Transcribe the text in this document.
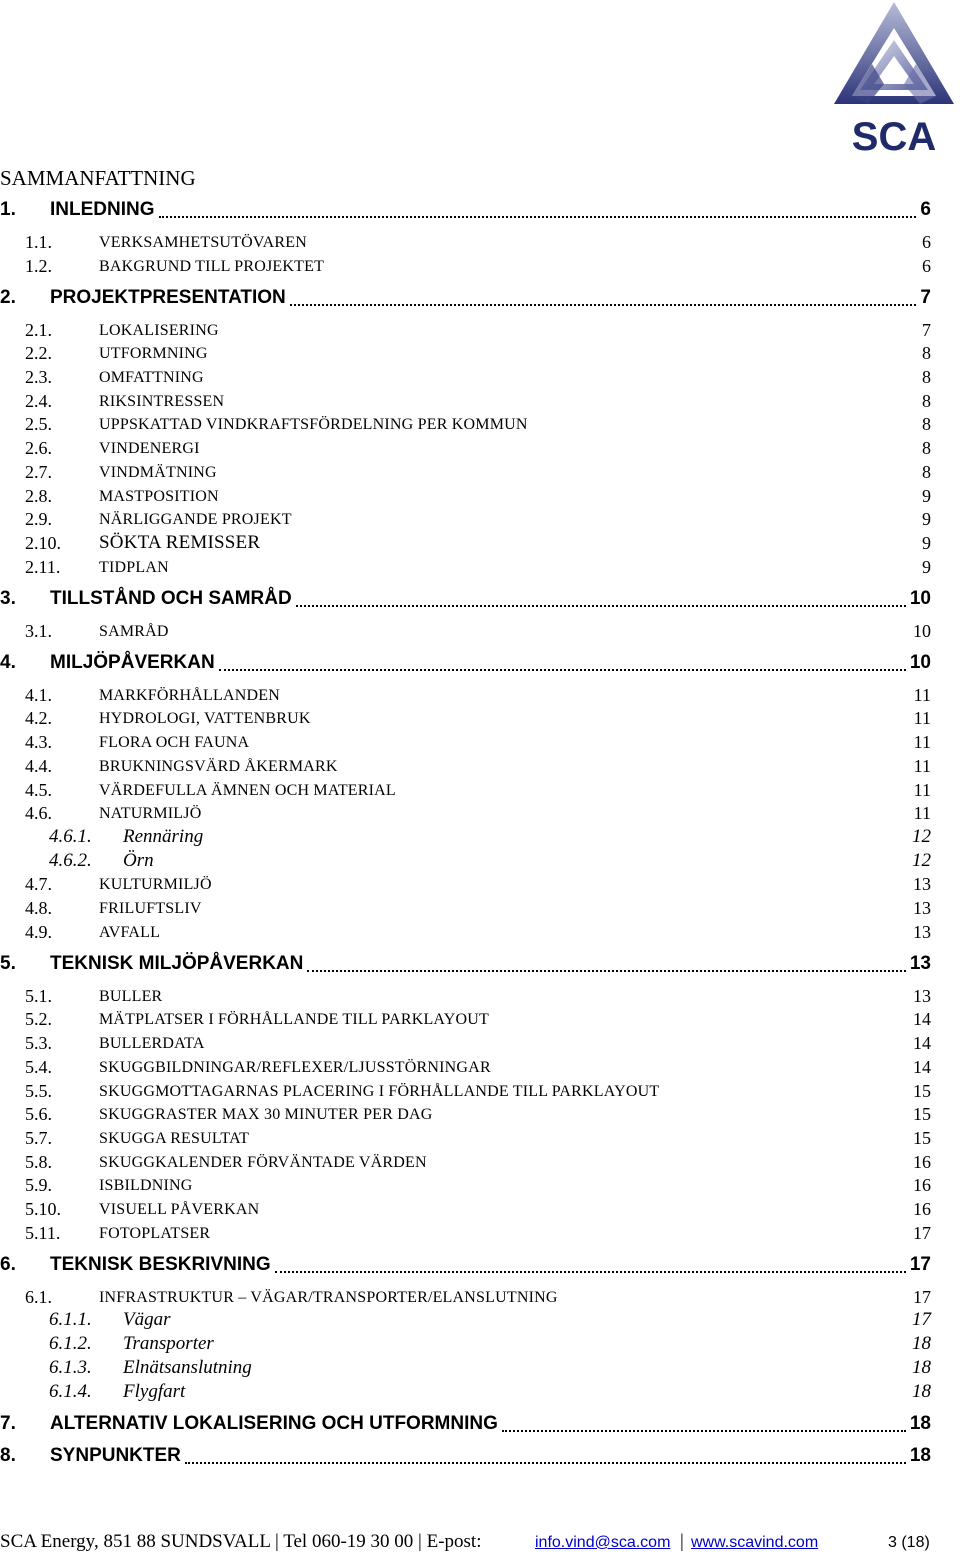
SCA
SAMMANFATTNING
1. INLEDNING	6
1.1.	VERKSAMHETSUTÖVAREN	6
1.2.	BAKGRUND TILL PROJEKTET	6
2. PROJEKTPRESENTATION	7
2.1.	LOKALISERING	7
2.2.	UTFORMNING	8
2.3.	OMFATTNING	8
2.4.	RIKSINTRESSEN	8
2.5.	UPPSKATTAD VINDKRAFTSFÖRDELNING PER KOMMUN	8
2.6.	VINDENERGI	8
2.7.	VINDMÄTNING	8
2.8.	MASTPOSITION	9
2.9.	NÄRLIGGANDE PROJEKT	9
2.10. SÖKTA REMISSER	9
2.11. TIDPLAN	9
3. TILLSTÅND OCH SAMRÅD	10
3.1.	SAMRÅD	10
4. MILJÖPÅVERKAN	10
4.1.	MARKFÖRHÅLLANDEN	11
4.2.	HYDROLOGI, VATTENBRUK	11
4.3.	FLORA OCH FAUNA	11
4.4.	BRUKNINGSVÄRD ÅKERMARK	11
4.5.	VÄRDEFULLA ÄMNEN OCH MATERIAL	11
4.6.	NATURMILJÖ	11
4.6.1. Rennäring	12
4.6.2. Örn	12
4.7.	KULTURMILJÖ	13
4.8.	FRILUFTSLIV	13
4.9.	AVFALL	13
5. TEKNISK MILJÖPÅVERKAN	13
5.1.	BULLER	13
5.2.	MÄTPLATSER I FÖRHÅLLANDE TILL PARKLAYOUT	14
5.3.	BULLERDATA	14
5.4.	SKUGGBILDNINGAR/REFLEXER/LJUSSTÖRNINGAR	14
5.5.	SKUGGMOTTAGARNAS PLACERING I FÖRHÅLLANDE TILL PARKLAYOUT	15
5.6.	SKUGGRASTER MAX 30 MINUTER PER DAG	15
5.7.	SKUGGA RESULTAT	15
5.8.	SKUGGKALENDER FÖRVÄNTADE VÄRDEN	16
5.9.	ISBILDNING	16
5.10. VISUELL PÅVERKAN	16
5.11. FOTOPLATSER	17
6. TEKNISK BESKRIVNING	17
6.1.	INFRASTRUKTUR – VÄGAR/TRANSPORTER/ELANSLUTNING	17
6.1.1. Vägar	17
6.1.2. Transporter	18
6.1.3. Elnätsanslutning	18
6.1.4. Flygfart	18
7. ALTERNATIV LOKALISERING OCH UTFORMNING	18
8. SYNPUNKTER	18
SCA Energy, 851 88 SUNDSVALL | Tel 060-19 30 00 | E-post:	info.vind@sca.com | www.scavind.com	3 (18)
